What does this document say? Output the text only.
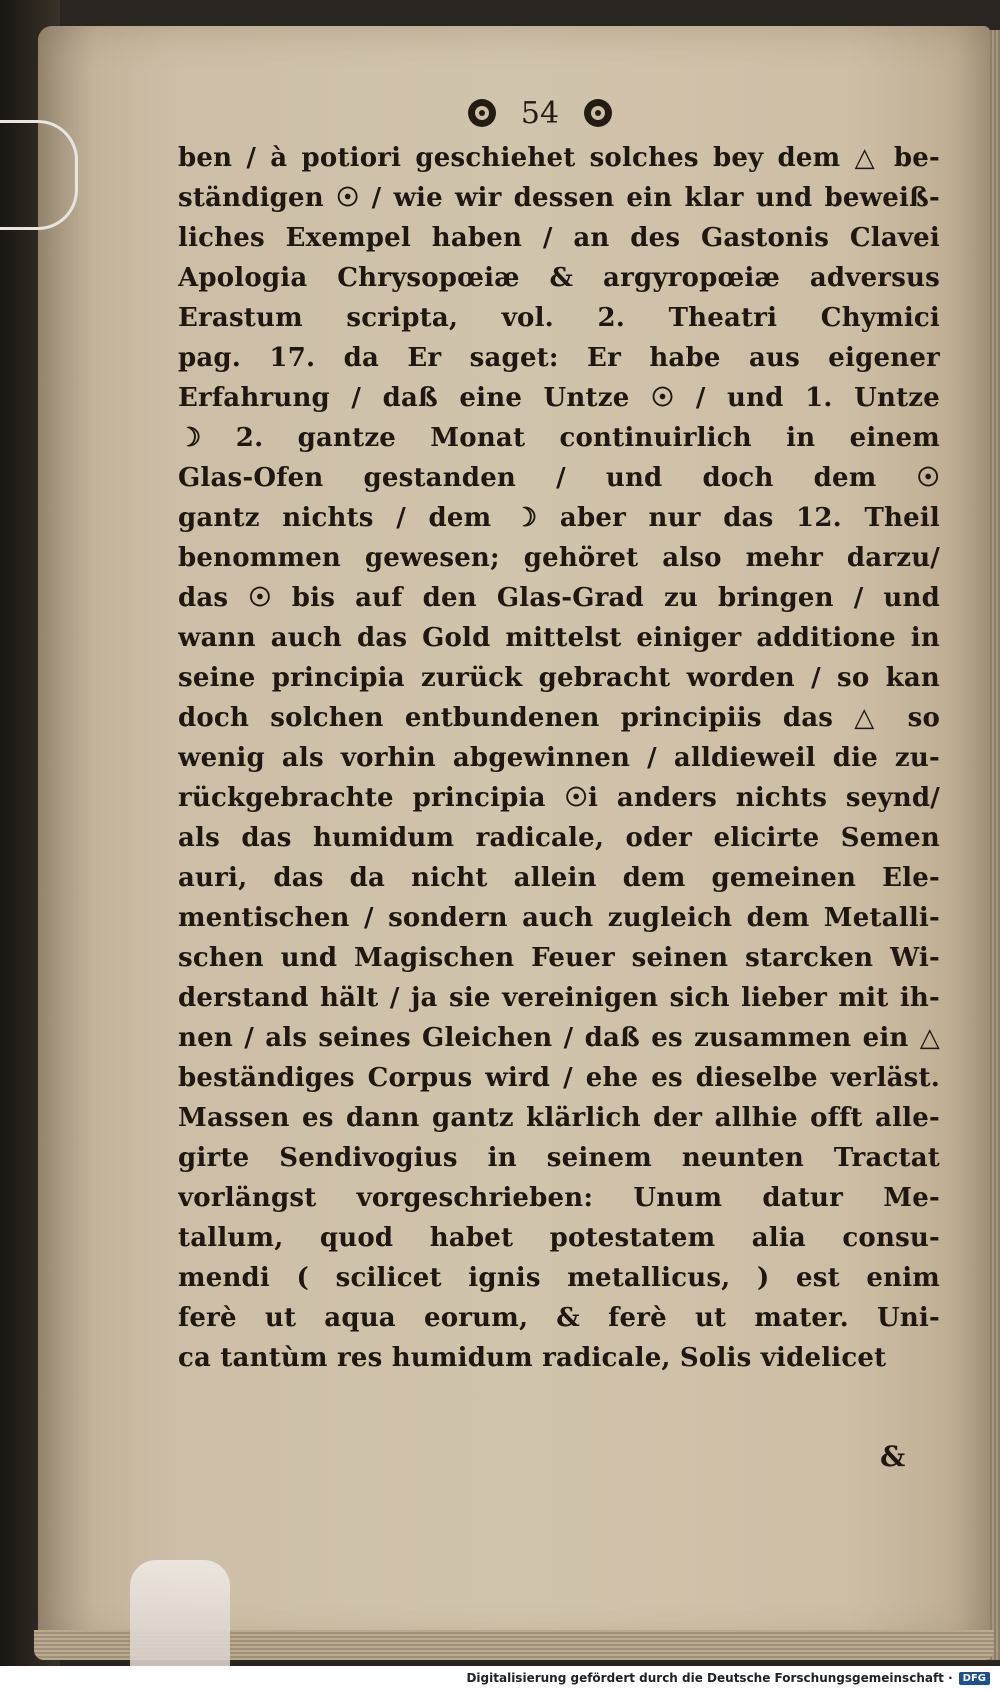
54
ben / à potiori geschiehet solches bey dem △ be-
ständigen ☉ / wie wir dessen ein klar und beweiß-
liches Exempel haben / an des Gastonis Clavei
Apologia Chrysopœiæ & argyropœiæ adversus
Erastum scripta, vol. 2. Theatri Chymici
pag. 17. da Er saget: Er habe aus eigener
Erfahrung / daß eine Untze ☉ / und 1. Untze
☽ 2. gantze Monat continuirlich in einem
Glas-Ofen gestanden / und doch dem ☉
gantz nichts / dem ☽ aber nur das 12. Theil
benommen gewesen; gehöret also mehr darzu/
das ☉ bis auf den Glas-Grad zu bringen / und
wann auch das Gold mittelst einiger additione in
seine principia zurück gebracht worden / so kan
doch solchen entbundenen principiis das △ so
wenig als vorhin abgewinnen / alldieweil die zu-
rückgebrachte principia ☉i anders nichts seynd/
als das humidum radicale, oder elicirte Semen
auri, das da nicht allein dem gemeinen Ele-
mentischen / sondern auch zugleich dem Metalli-
schen und Magischen Feuer seinen starcken Wi-
derstand hält / ja sie vereinigen sich lieber mit ih-
nen / als seines Gleichen / daß es zusammen ein △
beständiges Corpus wird / ehe es dieselbe verläst.
Massen es dann gantz klärlich der allhie offt alle-
girte Sendivogius in seinem neunten Tractat
vorlängst vorgeschrieben: Unum datur Me-
tallum, quod habet potestatem alia consu-
mendi ( scilicet ignis metallicus, ) est enim
ferè ut aqua eorum, & ferè ut mater. Uni-
ca tantùm res humidum radicale, Solis videlicet
&
Digitalisierung gefördert durch die Deutsche Forschungsgemeinschaft ·	DFG
